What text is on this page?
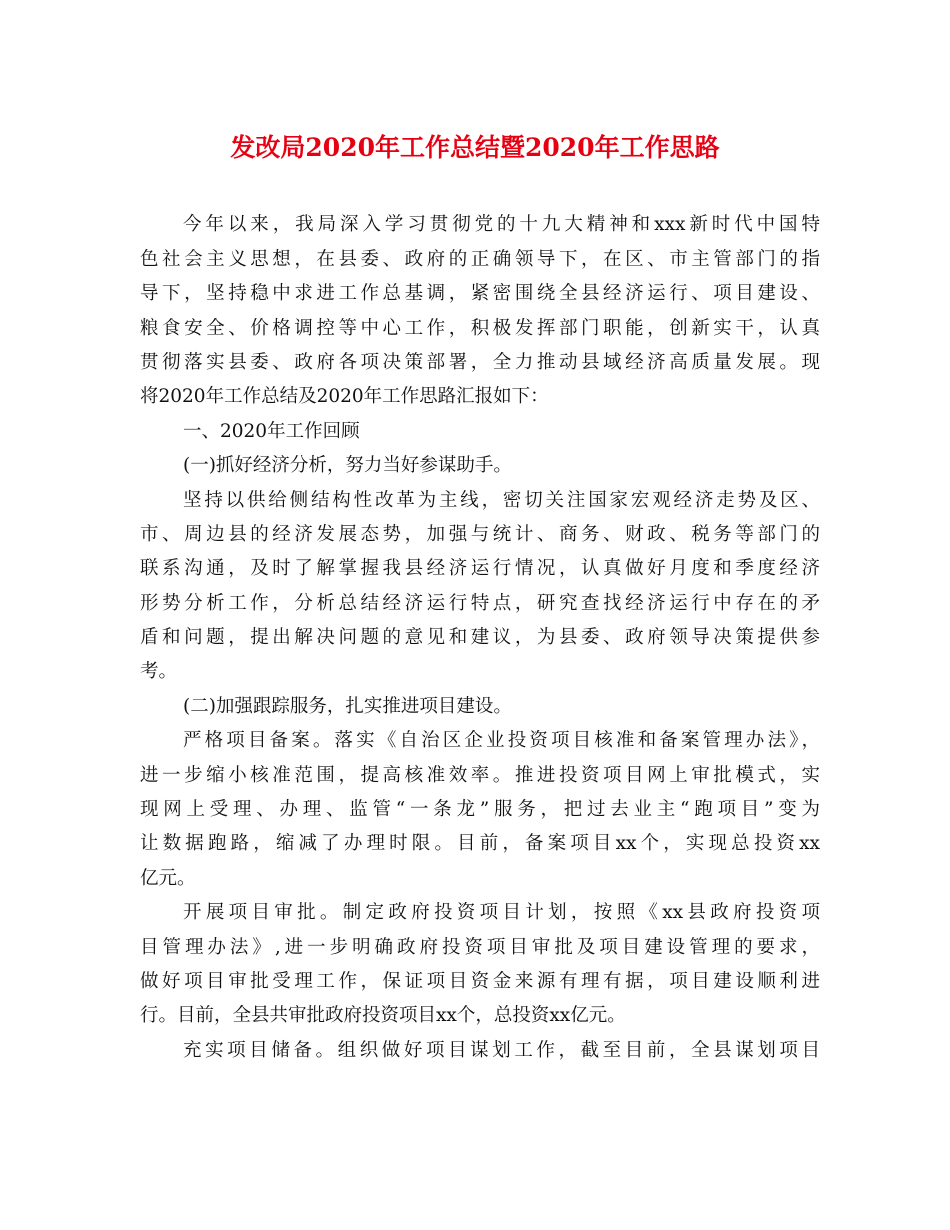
发改局2020年工作总结暨2020年工作思路
今年以来，我局深入学习贯彻党的十九大精神和xxx新时代中国特
色社会主义思想，在县委、政府的正确领导下，在区、市主管部门的指
导下，坚持稳中求进工作总基调，紧密围绕全县经济运行、项目建设、
粮食安全、价格调控等中心工作，积极发挥部门职能，创新实干，认真
贯彻落实县委、政府各项决策部署，全力推动县域经济高质量发展。现
将2020年工作总结及2020年工作思路汇报如下：
一、2020年工作回顾
(一)抓好经济分析，努力当好参谋助手。
坚持以供给侧结构性改革为主线，密切关注国家宏观经济走势及区、
市、周边县的经济发展态势，加强与统计、商务、财政、税务等部门的
联系沟通，及时了解掌握我县经济运行情况，认真做好月度和季度经济
形势分析工作，分析总结经济运行特点，研究查找经济运行中存在的矛
盾和问题，提出解决问题的意见和建议，为县委、政府领导决策提供参
考。
(二)加强跟踪服务，扎实推进项目建设。
严格项目备案。落实《自治区企业投资项目核准和备案管理办法》，
进一步缩小核准范围，提高核准效率。推进投资项目网上审批模式，实
现网上受理、办理、监管“一条龙”服务，把过去业主“跑项目”变为
让数据跑路，缩减了办理时限。目前，备案项目xx个，实现总投资xx
亿元。
开展项目审批。制定政府投资项目计划，按照《xx县政府投资项
目管理办法》,进一步明确政府投资项目审批及项目建设管理的要求，
做好项目审批受理工作，保证项目资金来源有理有据，项目建设顺利进
行。目前，全县共审批政府投资项目xx个，总投资xx亿元。
充实项目储备。组织做好项目谋划工作，截至目前，全县谋划项目
